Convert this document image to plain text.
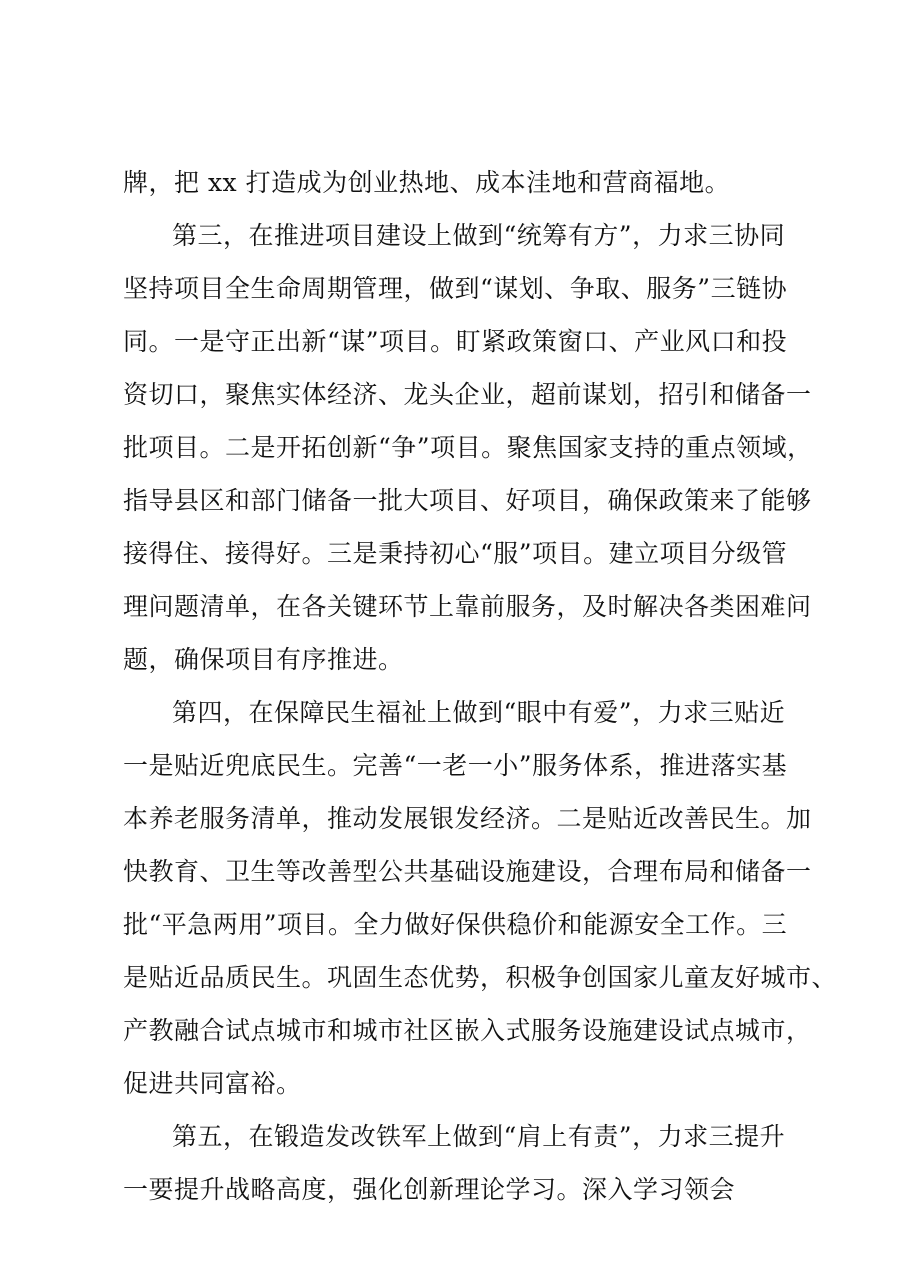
牌，把 xx 打造成为创业热地、成本洼地和营商福地。
第三，在推进项目建设上做到“统筹有方”，力求三协同
坚持项目全生命周期管理，做到“谋划、争取、服务”三链协
同。一是守正出新“谋”项目。盯紧政策窗口、产业风口和投
资切口，聚焦实体经济、龙头企业，超前谋划，招引和储备一
批项目。二是开拓创新“争”项目。聚焦国家支持的重点领域，
指导县区和部门储备一批大项目、好项目，确保政策来了能够
接得住、接得好。三是秉持初心“服”项目。建立项目分级管
理问题清单，在各关键环节上靠前服务，及时解决各类困难问
题，确保项目有序推进。
第四，在保障民生福祉上做到“眼中有爱”，力求三贴近
一是贴近兜底民生。完善“一老一小”服务体系，推进落实基
本养老服务清单，推动发展银发经济。二是贴近改善民生。加
快教育、卫生等改善型公共基础设施建设，合理布局和储备一
批“平急两用”项目。全力做好保供稳价和能源安全工作。三
是贴近品质民生。巩固生态优势，积极争创国家儿童友好城市、
产教融合试点城市和城市社区嵌入式服务设施建设试点城市，
促进共同富裕。
第五，在锻造发改铁军上做到“肩上有责”，力求三提升
一要提升战略高度，强化创新理论学习。深入学习领会
